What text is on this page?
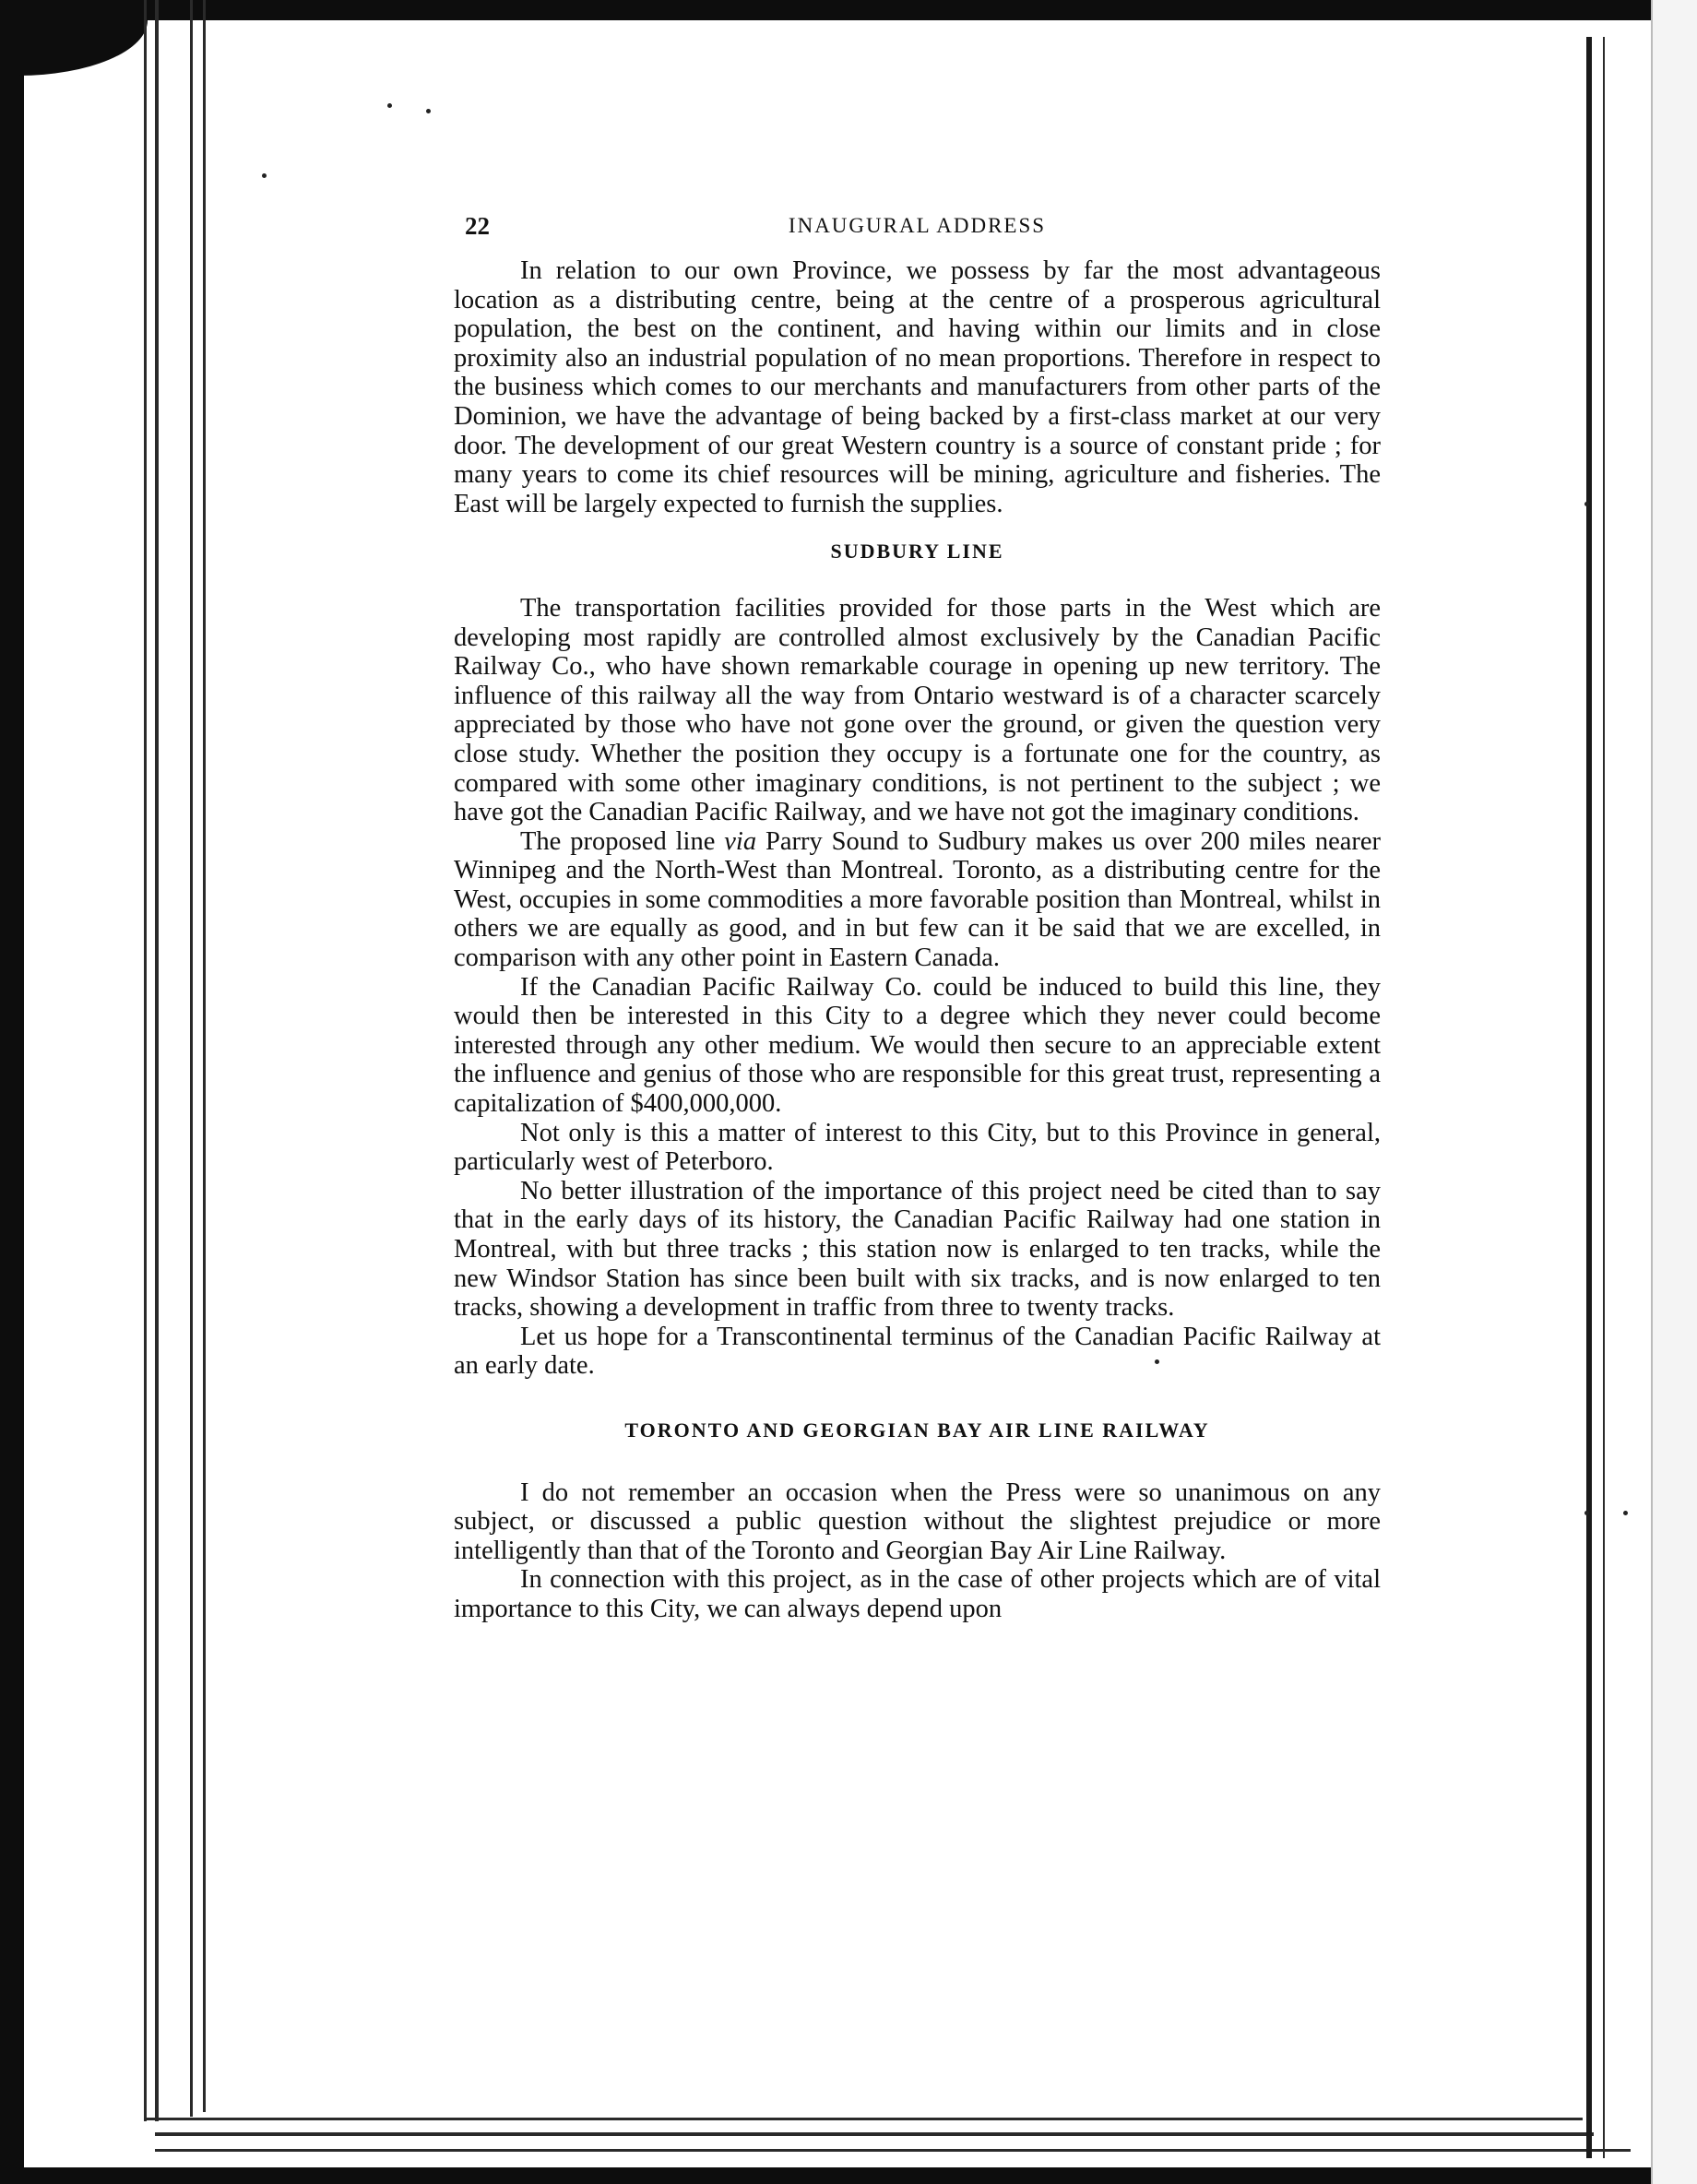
22	INAUGURAL ADDRESS

In relation to our own Province, we possess by far the most advantageous location as a distributing centre, being at the centre of a prosperous agricultural population, the best on the continent, and having within our limits and in close proximity also an industrial population of no mean proportions. Therefore in respect to the business which comes to our merchants and manufacturers from other parts of the Dominion, we have the advantage of being backed by a first-class market at our very door. The development of our great Western country is a source of constant pride ; for many years to come its chief resources will be mining, agriculture and fisheries. The East will be largely expected to furnish the supplies.

SUDBURY LINE

The transportation facilities provided for those parts in the West which are developing most rapidly are controlled almost exclusively by the Canadian Pacific Railway Co., who have shown remarkable courage in opening up new territory. The influence of this railway all the way from Ontario westward is of a character scarcely appreciated by those who have not gone over the ground, or given the question very close study. Whether the position they occupy is a fortunate one for the country, as compared with some other imaginary conditions, is not pertinent to the subject ; we have got the Canadian Pacific Railway, and we have not got the imaginary conditions.

The proposed line via Parry Sound to Sudbury makes us over 200 miles nearer Winnipeg and the North-West than Montreal. Toronto, as a distributing centre for the West, occupies in some commodities a more favorable position than Montreal, whilst in others we are equally as good, and in but few can it be said that we are excelled, in comparison with any other point in Eastern Canada.

If the Canadian Pacific Railway Co. could be induced to build this line, they would then be interested in this City to a degree which they never could become interested through any other medium. We would then secure to an appreciable extent the influence and genius of those who are responsible for this great trust, representing a capitalization of $400,000,000.

Not only is this a matter of interest to this City, but to this Province in general, particularly west of Peterboro.

No better illustration of the importance of this project need be cited than to say that in the early days of its history, the Canadian Pacific Railway had one station in Montreal, with but three tracks ; this station now is enlarged to ten tracks, while the new Windsor Station has since been built with six tracks, and is now enlarged to ten tracks, showing a development in traffic from three to twenty tracks.

Let us hope for a Transcontinental terminus of the Canadian Pacific Railway at an early date.

TORONTO AND GEORGIAN BAY AIR LINE RAILWAY

I do not remember an occasion when the Press were so unanimous on any subject, or discussed a public question without the slightest prejudice or more intelligently than that of the Toronto and Georgian Bay Air Line Railway.

In connection with this project, as in the case of other projects which are of vital importance to this City, we can always depend upon
